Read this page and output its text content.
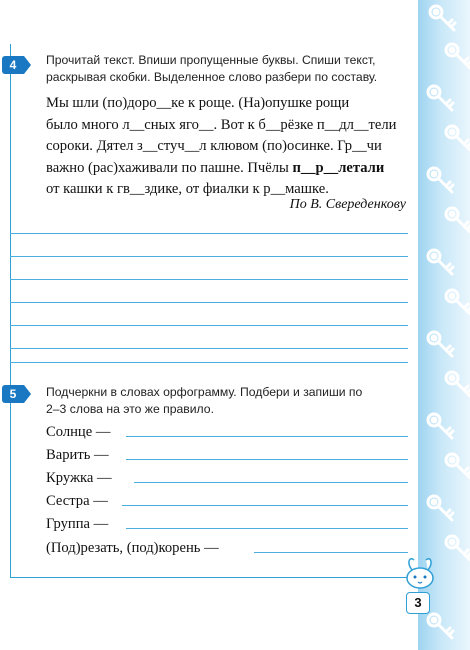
4	Прочитай текст. Впиши пропущенные буквы. Спиши текст,
раскрывая скобки. Выделенное слово разбери по составу.

Мы шли (по)доро__ке к роще. (На)опушке рощи

было много л__сных яго__. Вот к б__рёзке п__дл__тели

сороки. Дятел з__стуч__л клювом (по)осинке. Гр__чи

важно (рас)хаживали по пашне. Пчёлы п__р__летали

от кашки к гв__здике, от фиалки к р__машке.

По В. Свереденкову
5	Подчеркни в словах орфограмму. Подбери и запиши по
2–3 слова на это же правило.
Солнце —
Варить —
Кружка —
Сестра —
Группа —
(Под)резать, (под)корень —
3
